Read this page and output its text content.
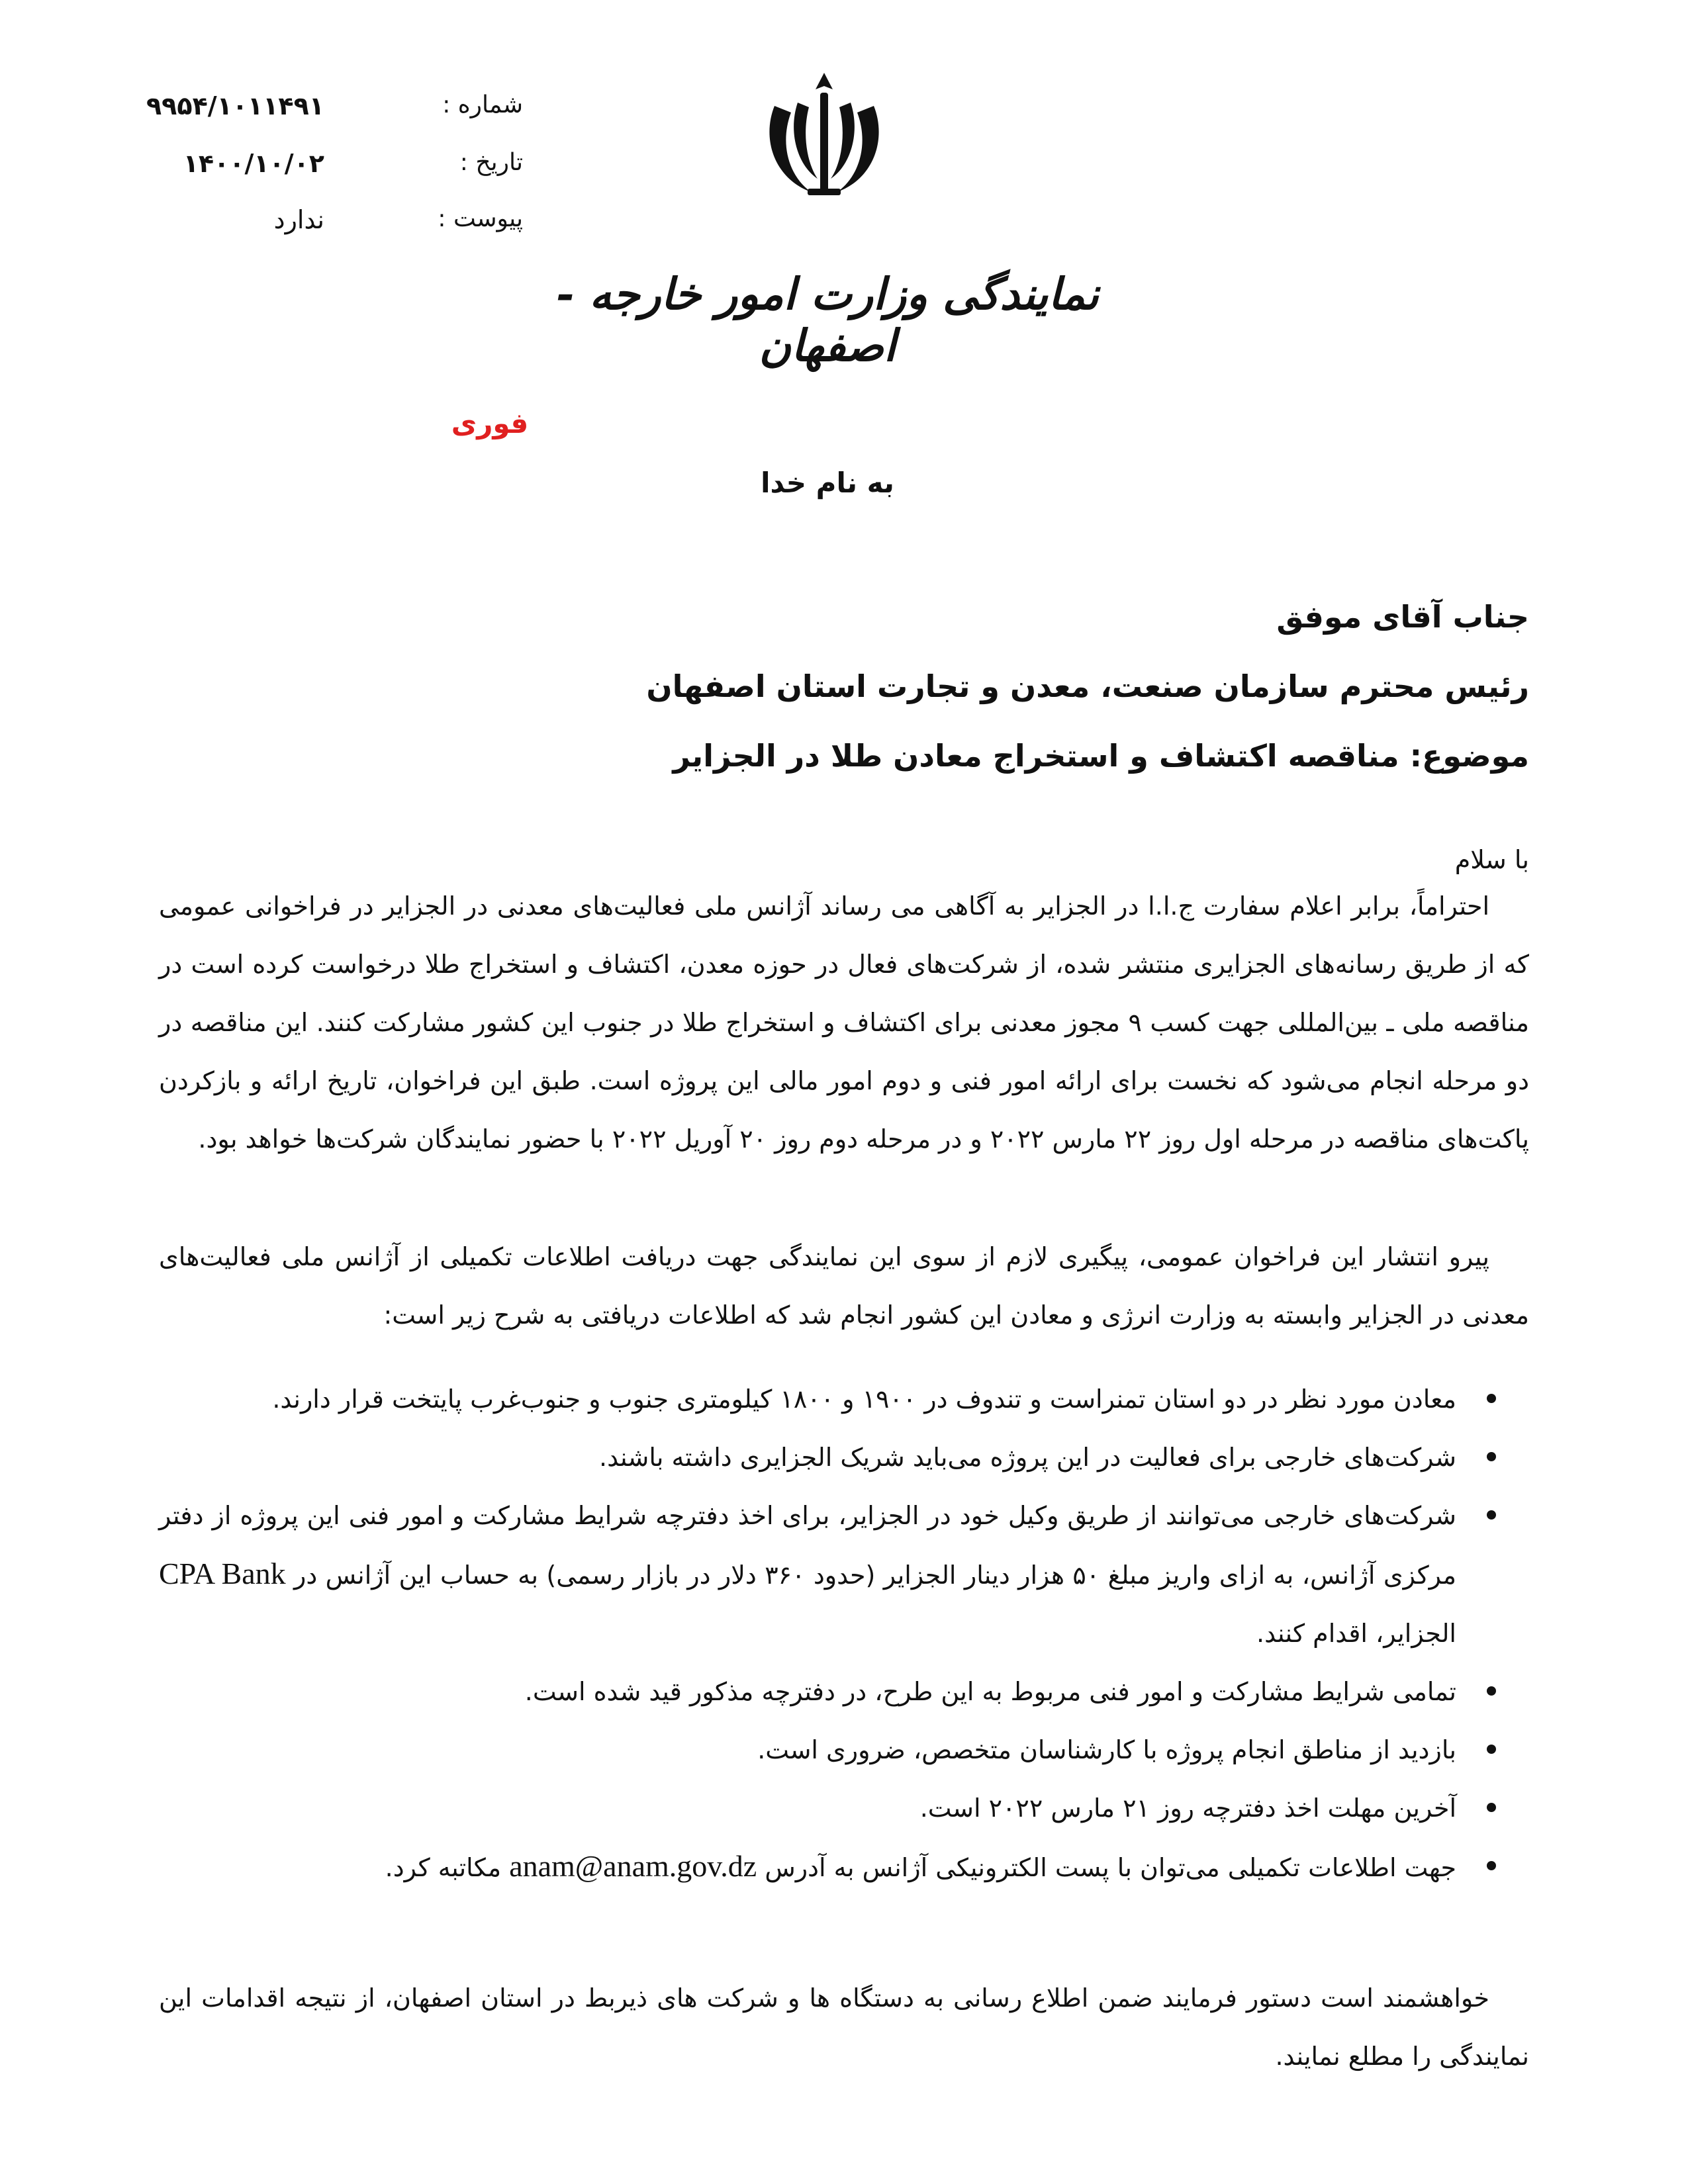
شماره :
۹۹۵۴/۱۰۱۱۴۹۱
تاریخ :
۱۴۰۰/۱۰/۰۲
پیوست :
ندارد
نمایندگی وزارت امور خارجه - اصفهان
فوری
به نام خدا
جناب آقای موفق
رئیس محترم سازمان صنعت، معدن و تجارت استان اصفهان
موضوع: مناقصه اکتشاف و استخراج معادن طلا در الجزایر
با سلام
احتراماً، برابر اعلام سفارت ج.ا.ا در الجزایر به آگاهی می رساند آژانس ملی فعالیت‌های معدنی در الجزایر در فراخوانی عمومی که از طریق رسانه‌های الجزایری منتشر شده، از شرکت‌های فعال در حوزه معدن، اکتشاف و استخراج طلا درخواست کرده است در مناقصه ملی ـ بین‌المللی جهت کسب ۹ مجوز معدنی برای اکتشاف و استخراج طلا در جنوب این کشور مشارکت کنند. این مناقصه در دو مرحله انجام می‌شود که نخست برای ارائه امور فنی و دوم امور مالی این پروژه است. طبق این فراخوان، تاریخ ارائه و بازکردن پاکت‌های مناقصه در مرحله اول روز ۲۲ مارس ۲۰۲۲ و در مرحله دوم روز ۲۰ آوریل ۲۰۲۲ با حضور نمایندگان شرکت‌ها خواهد بود.
پیرو انتشار این فراخوان عمومی، پیگیری لازم از سوی این نمایندگی جهت دریافت اطلاعات تکمیلی از آژانس ملی فعالیت‌های معدنی در الجزایر وابسته به وزارت انرژی و معادن این کشور انجام شد که اطلاعات دریافتی به شرح زیر است:
معادن مورد نظر در دو استان تمنراست و تندوف در ۱۹۰۰ و ۱۸۰۰ کیلومتری جنوب و جنوب‌غرب پایتخت قرار دارند.
شرکت‌های خارجی برای فعالیت در این پروژه می‌باید شریک الجزایری داشته باشند.
شرکت‌های خارجی می‌توانند از طریق وکیل خود در الجزایر، برای اخذ دفترچه شرایط مشارکت و امور فنی این پروژه از دفتر مرکزی آژانس، به ازای واریز مبلغ ۵۰ هزار دینار الجزایر (حدود ۳۶۰ دلار در بازار رسمی) به حساب این آژانس در CPA Bank الجزایر، اقدام کنند.
تمامی شرایط مشارکت و امور فنی مربوط به این طرح، در دفترچه مذکور قید شده است.
بازدید از مناطق انجام پروژه با کارشناسان متخصص، ضروری است.
آخرین مهلت اخذ دفترچه روز ۲۱ مارس ۲۰۲۲ است.
جهت اطلاعات تکمیلی می‌توان با پست الکترونیکی آژانس به آدرس anam@anam.gov.dz مکاتبه کرد.
خواهشمند است دستور فرمایند ضمن اطلاع رسانی به دستگاه ها و شرکت های ذیربط در استان اصفهان، از نتیجه اقدامات این نمایندگی را مطلع نمایند.
